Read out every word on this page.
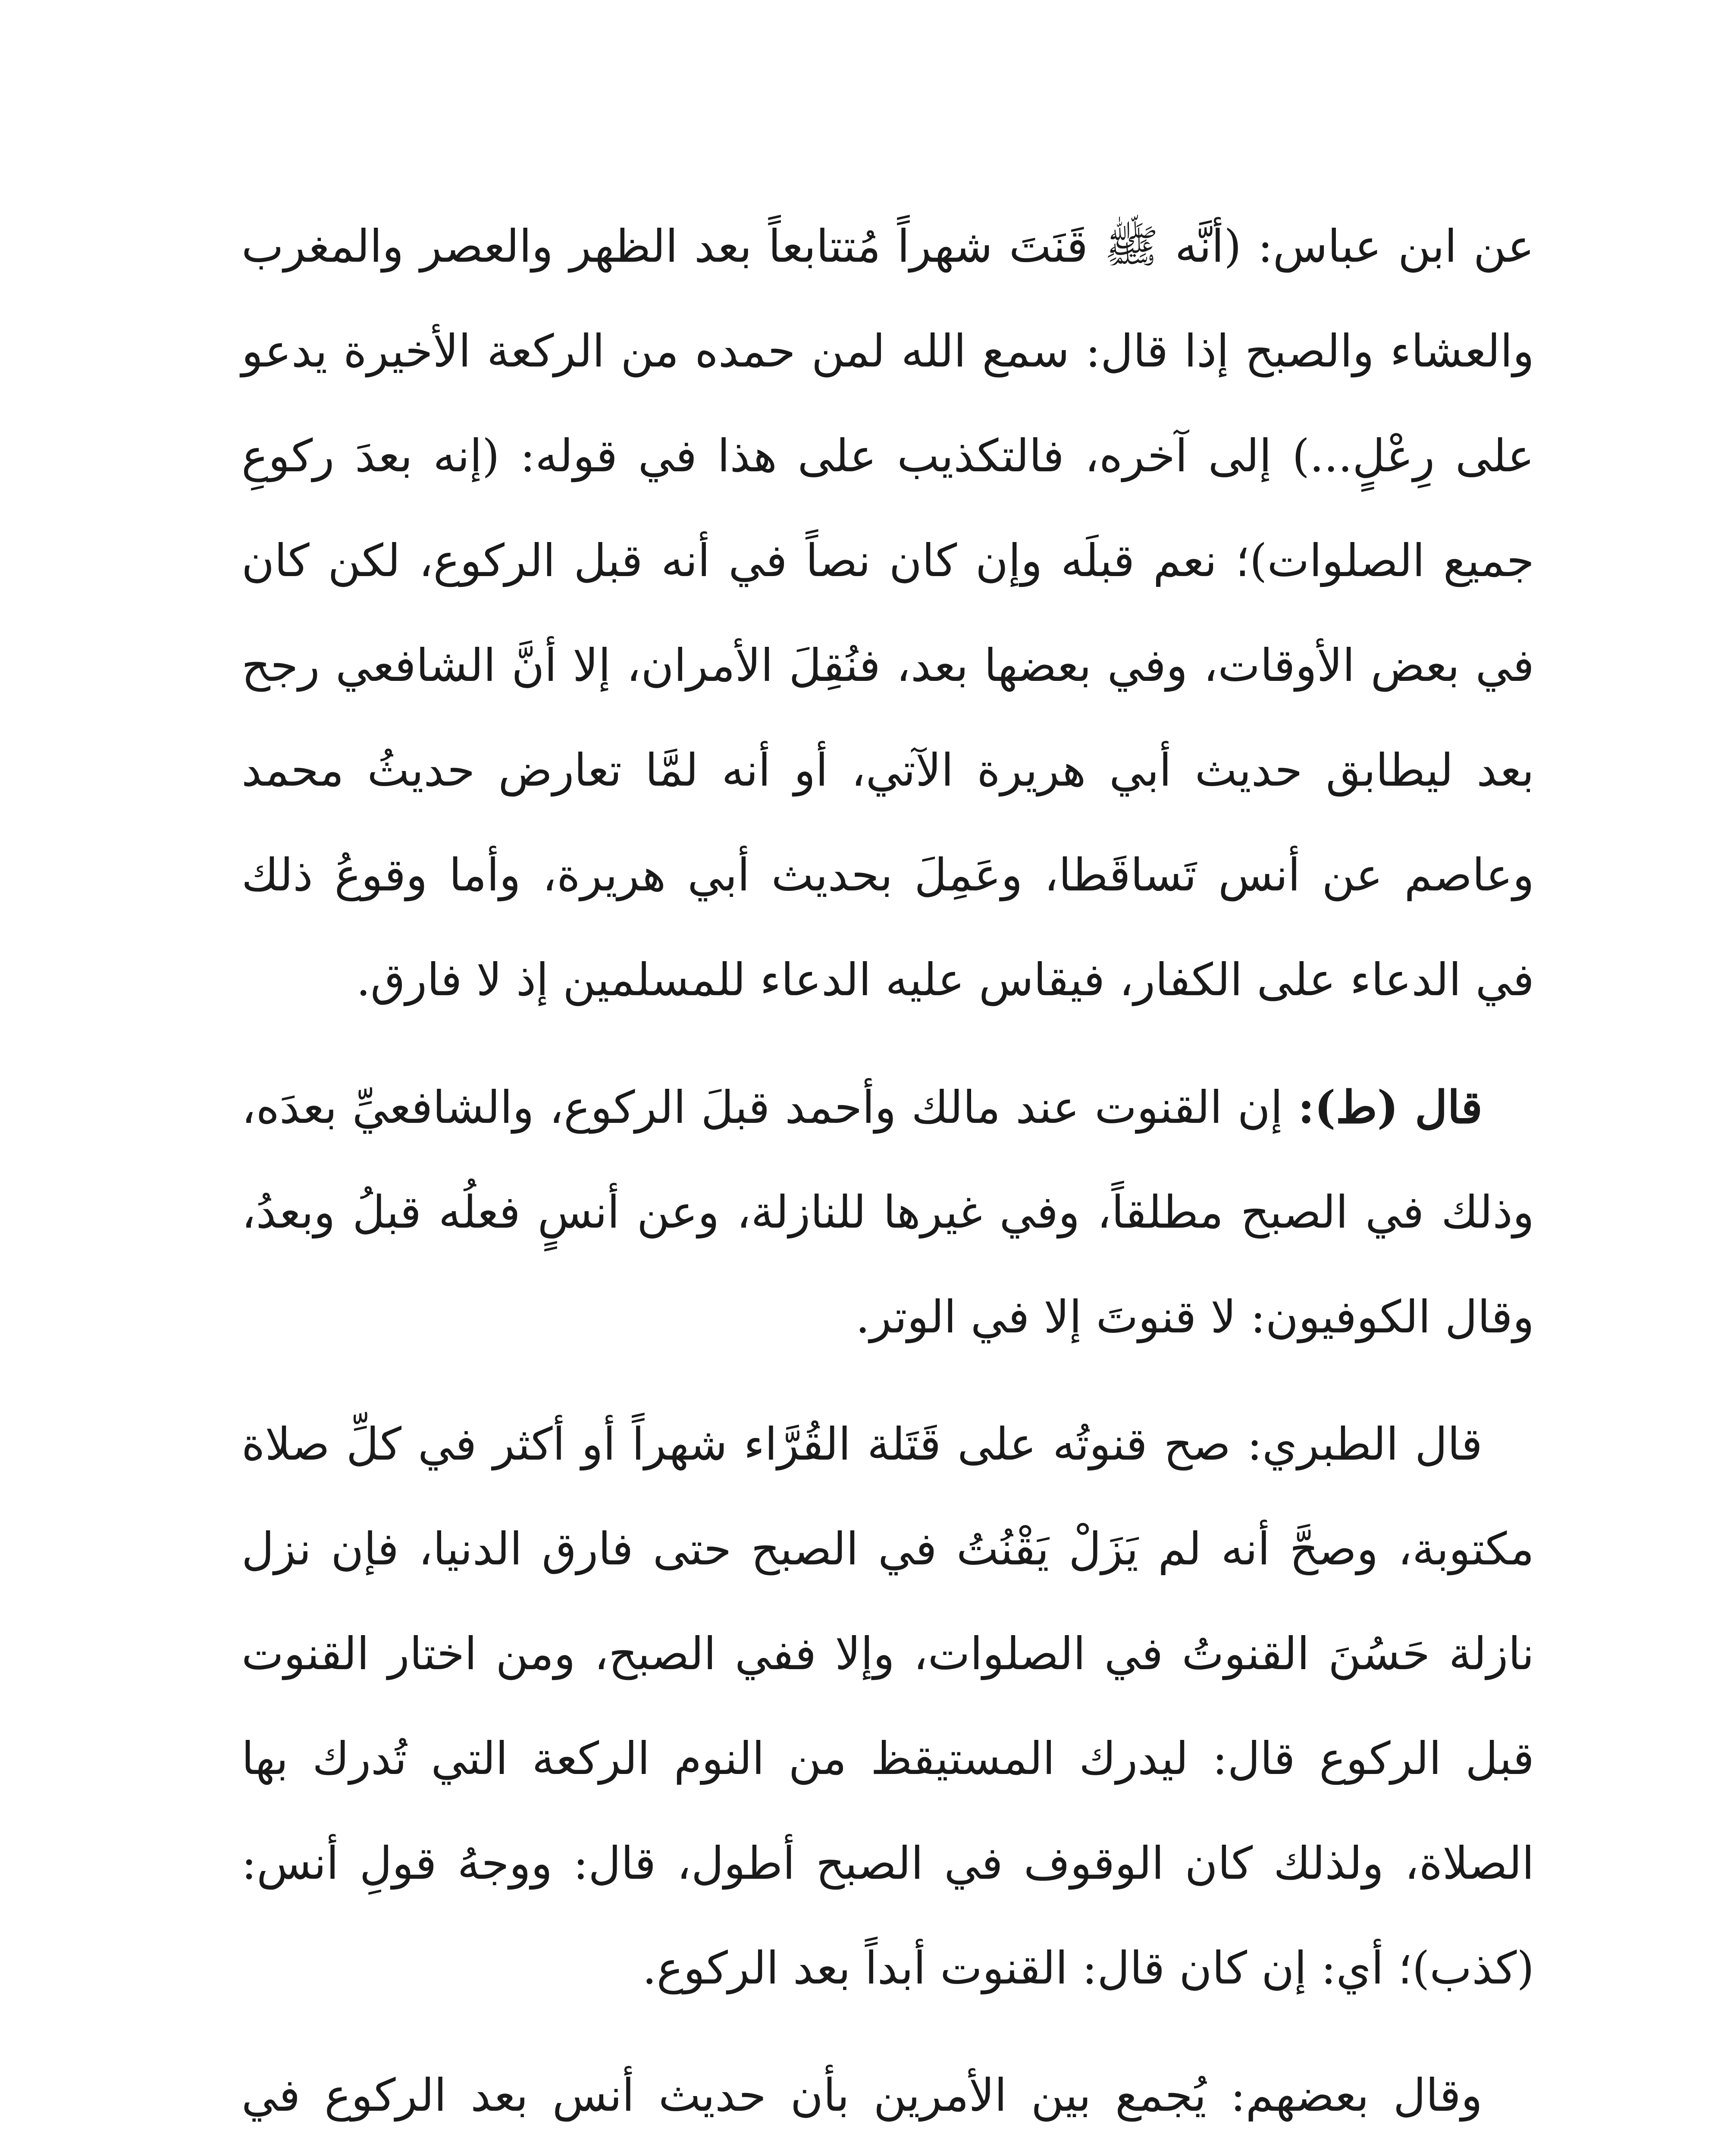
عن ابن عباس: (أنَّه ﷺ قَنَتَ شهراً مُتتابعاً بعد الظهر والعصر والمغرب والعشاء والصبح إذا قال: سمع الله لمن حمده من الركعة الأخيرة يدعو على رِعْلٍ...) إلى آخره، فالتكذيب على هذا في قوله: (إنه بعدَ ركوعِ جميع الصلوات)؛ نعم قبلَه وإن كان نصاً في أنه قبل الركوع، لكن كان في بعض الأوقات، وفي بعضها بعد، فنُقِلَ الأمران، إلا أنَّ الشافعي رجح بعد ليطابق حديث أبي هريرة الآتي، أو أنه لمَّا تعارض حديثُ محمد وعاصم عن أنس تَساقَطا، وعَمِلَ بحديث أبي هريرة، وأما وقوعُ ذلك في الدعاء على الكفار، فيقاس عليه الدعاء للمسلمين إذ لا فارق.

قال (ط): إن القنوت عند مالك وأحمد قبلَ الركوع، والشافعيِّ بعدَه، وذلك في الصبح مطلقاً، وفي غيرها للنازلة، وعن أنسٍ فعلُه قبلُ وبعدُ، وقال الكوفيون: لا قنوتَ إلا في الوتر.

قال الطبري: صح قنوتُه على قَتَلة القُرَّاء شهراً أو أكثر في كلِّ صلاة مكتوبة، وصحَّ أنه لم يَزَلْ يَقْنُتُ في الصبح حتى فارق الدنيا، فإن نزل نازلة حَسُنَ القنوتُ في الصلوات، وإلا ففي الصبح، ومن اختار القنوت قبل الركوع قال: ليدرك المستيقظ من النوم الركعة التي تُدرك بها الصلاة، ولذلك كان الوقوف في الصبح أطول، قال: ووجهُ قولِ أنس: (كذب)؛ أي: إن كان قال: القنوت أبداً بعد الركوع.

وقال بعضهم: يُجمع بين الأمرين بأن حديث أنس بعد الركوع في
